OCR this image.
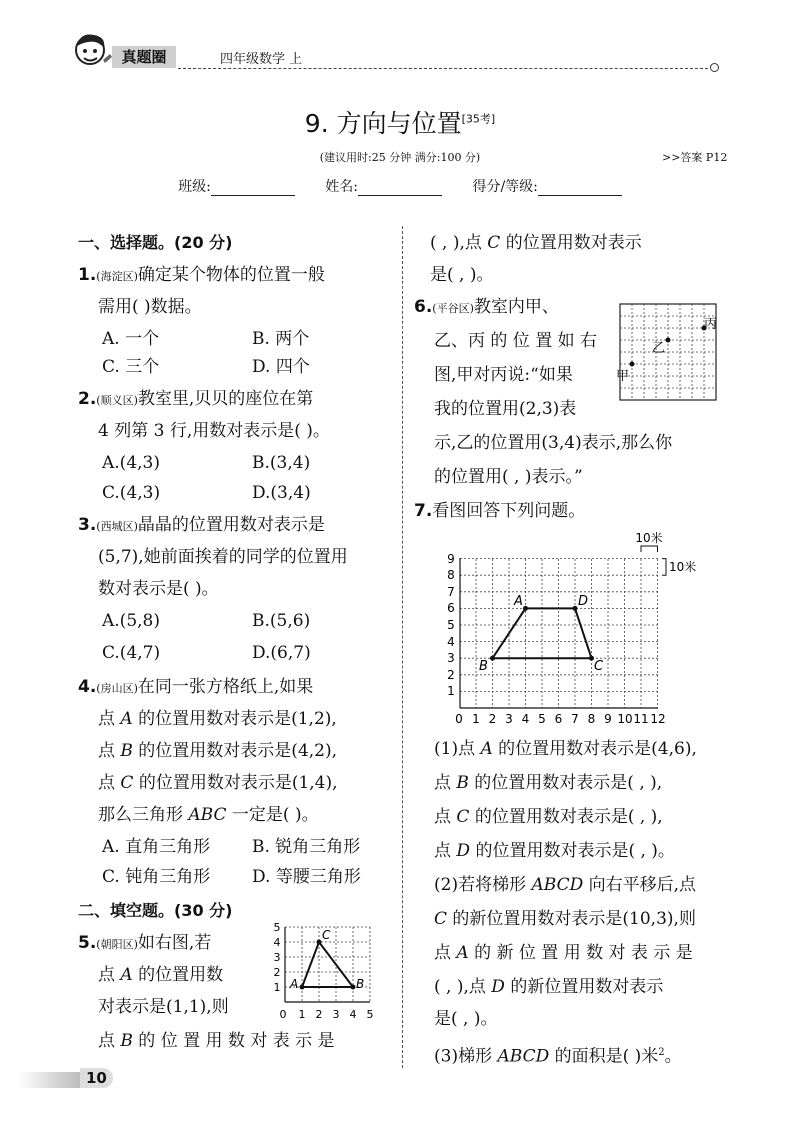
真题圈	四年级数学 上
9. 方向与位置[35考]
(建议用时:25 分钟 满分:100 分)	>>答案 P12
班级:	姓名:	得分/等级:
一、选择题。(20 分)
1.(海淀区)确定某个物体的位置一般
需用( )数据。
A. 一个	B. 两个
C. 三个	D. 四个
2.(顺义区)教室里,贝贝的座位在第
4 列第 3 行,用数对表示是( )。
A.(4,3)	B.(3,4)
C.(4,3)	D.(3,4)
3.(西城区)晶晶的位置用数对表示是
(5,7),她前面挨着的同学的位置用
数对表示是( )。
A.(5,8)	B.(5,6)
C.(4,7)	D.(6,7)
4.(房山区)在同一张方格纸上,如果
点 A 的位置用数对表示是(1,2),
点 B 的位置用数对表示是(4,2),
点 C 的位置用数对表示是(1,4),
那么三角形 ABC 一定是( )。
A. 直角三角形 B. 锐角三角形
C. 钝角三角形 D. 等腰三角形
二、填空题。(30 分)
5.(朝阳区)如右图,若
点 A 的位置用数
对表示是(1,1),则
点 B 的 位 置 用 数 对 表 示 是
A	B
C
0 1 2 3 4 5
1
2
3
4
5
( , ),点 C 的位置用数对表示
是( , )。
6.(平谷区)教室内甲、
乙、丙 的 位 置 如 右
图,甲对丙说:“如果
我的位置用(2,3)表
示,乙的位置用(3,4)表示,那么你
的位置用( , )表示。”
甲
乙
丙
7.看图回答下列问题。
A
B	C
D
0 1 2 3 4 5 6 7 8 9 10 11 12
1
2
3
4
5
6
7
8
9
10米
10米
(1)点 A 的位置用数对表示是(4,6),
点 B 的位置用数对表示是( , ),
点 C 的位置用数对表示是( , ),
点 D 的位置用数对表示是( , )。
(2)若将梯形 ABCD 向右平移后,点
C 的新位置用数对表示是(10,3),则
点 A 的 新 位 置 用 数 对 表 示 是
( , ),点 D 的新位置用数对表示
是( , )。
(3)梯形 ABCD 的面积是( )米$^2$。
10
